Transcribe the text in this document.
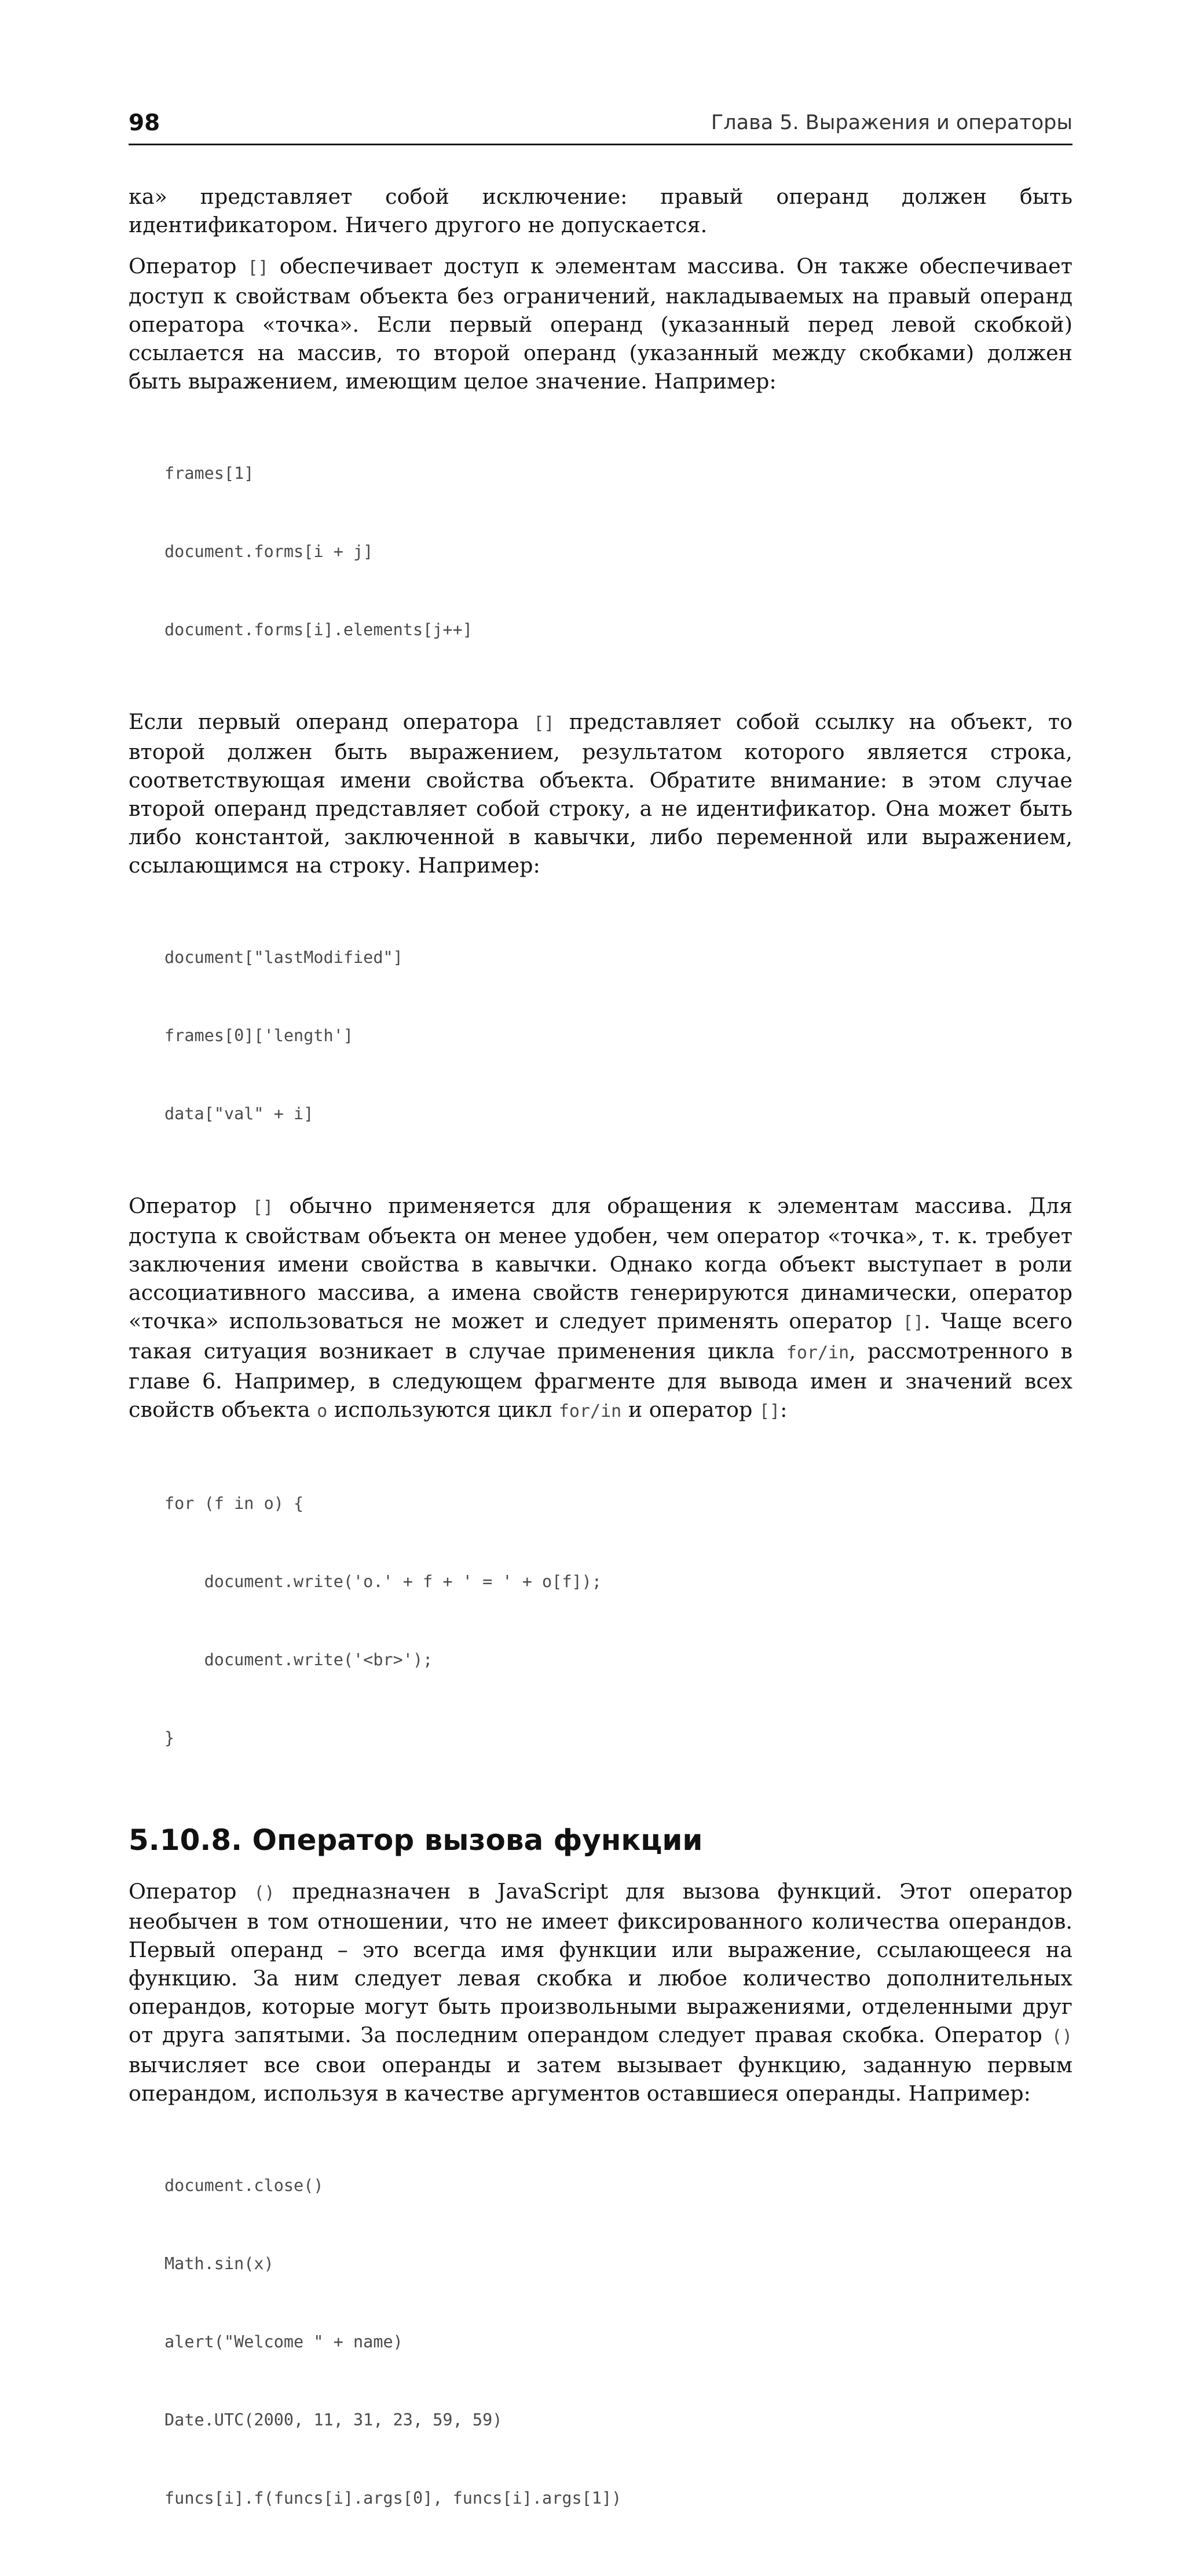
98	Глава 5. Выражения и операторы

ка» представляет собой исключение: правый операнд должен быть идентификатором. Ничего другого не допускается.

Оператор [] обеспечивает доступ к элементам массива. Он также обеспечивает доступ к свойствам объекта без ограничений, накладываемых на правый операнд оператора «точка». Если первый операнд (указанный перед левой скобкой) ссылается на массив, то второй операнд (указанный между скобками) должен быть выражением, имеющим целое значение. Например:

frames[1]

document.forms[i + j]

document.forms[i].elements[j++]

Если первый операнд оператора [] представляет собой ссылку на объект, то второй должен быть выражением, результатом которого является строка, соответствующая имени свойства объекта. Обратите внимание: в этом случае второй операнд представляет собой строку, а не идентификатор. Она может быть либо константой, заключенной в кавычки, либо переменной или выражением, ссылающимся на строку. Например:

document["lastModified"]

frames[0]['length']

data["val" + i]

Оператор [] обычно применяется для обращения к элементам массива. Для доступа к свойствам объекта он менее удобен, чем оператор «точка», т. к. требует заключения имени свойства в кавычки. Однако когда объект выступает в роли ассоциативного массива, а имена свойств генерируются динамически, оператор «точка» использоваться не может и следует применять оператор []. Чаще всего такая ситуация возникает в случае применения цикла for/in, рассмотренного в главе 6. Например, в следующем фрагменте для вывода имен и значений всех свойств объекта o используются цикл for/in и оператор []:

for (f in o) {

document.write('o.' + f + ' = ' + o[f]);

document.write('<br>');

}

5.10.8. Оператор вызова функции

Оператор () предназначен в JavaScript для вызова функций. Этот оператор необычен в том отношении, что не имеет фиксированного количества операндов. Первый операнд – это всегда имя функции или выражение, ссылающееся на функцию. За ним следует левая скобка и любое количество дополнительных операндов, которые могут быть произвольными выражениями, отделенными друг от друга запятыми. За последним операндом следует правая скобка. Оператор () вычисляет все свои операнды и затем вызывает функцию, заданную первым операндом, используя в качестве аргументов оставшиеся операнды. Например:

document.close()

Math.sin(x)

alert("Welcome " + name)

Date.UTC(2000, 11, 31, 23, 59, 59)

funcs[i].f(funcs[i].args[0], funcs[i].args[1])
